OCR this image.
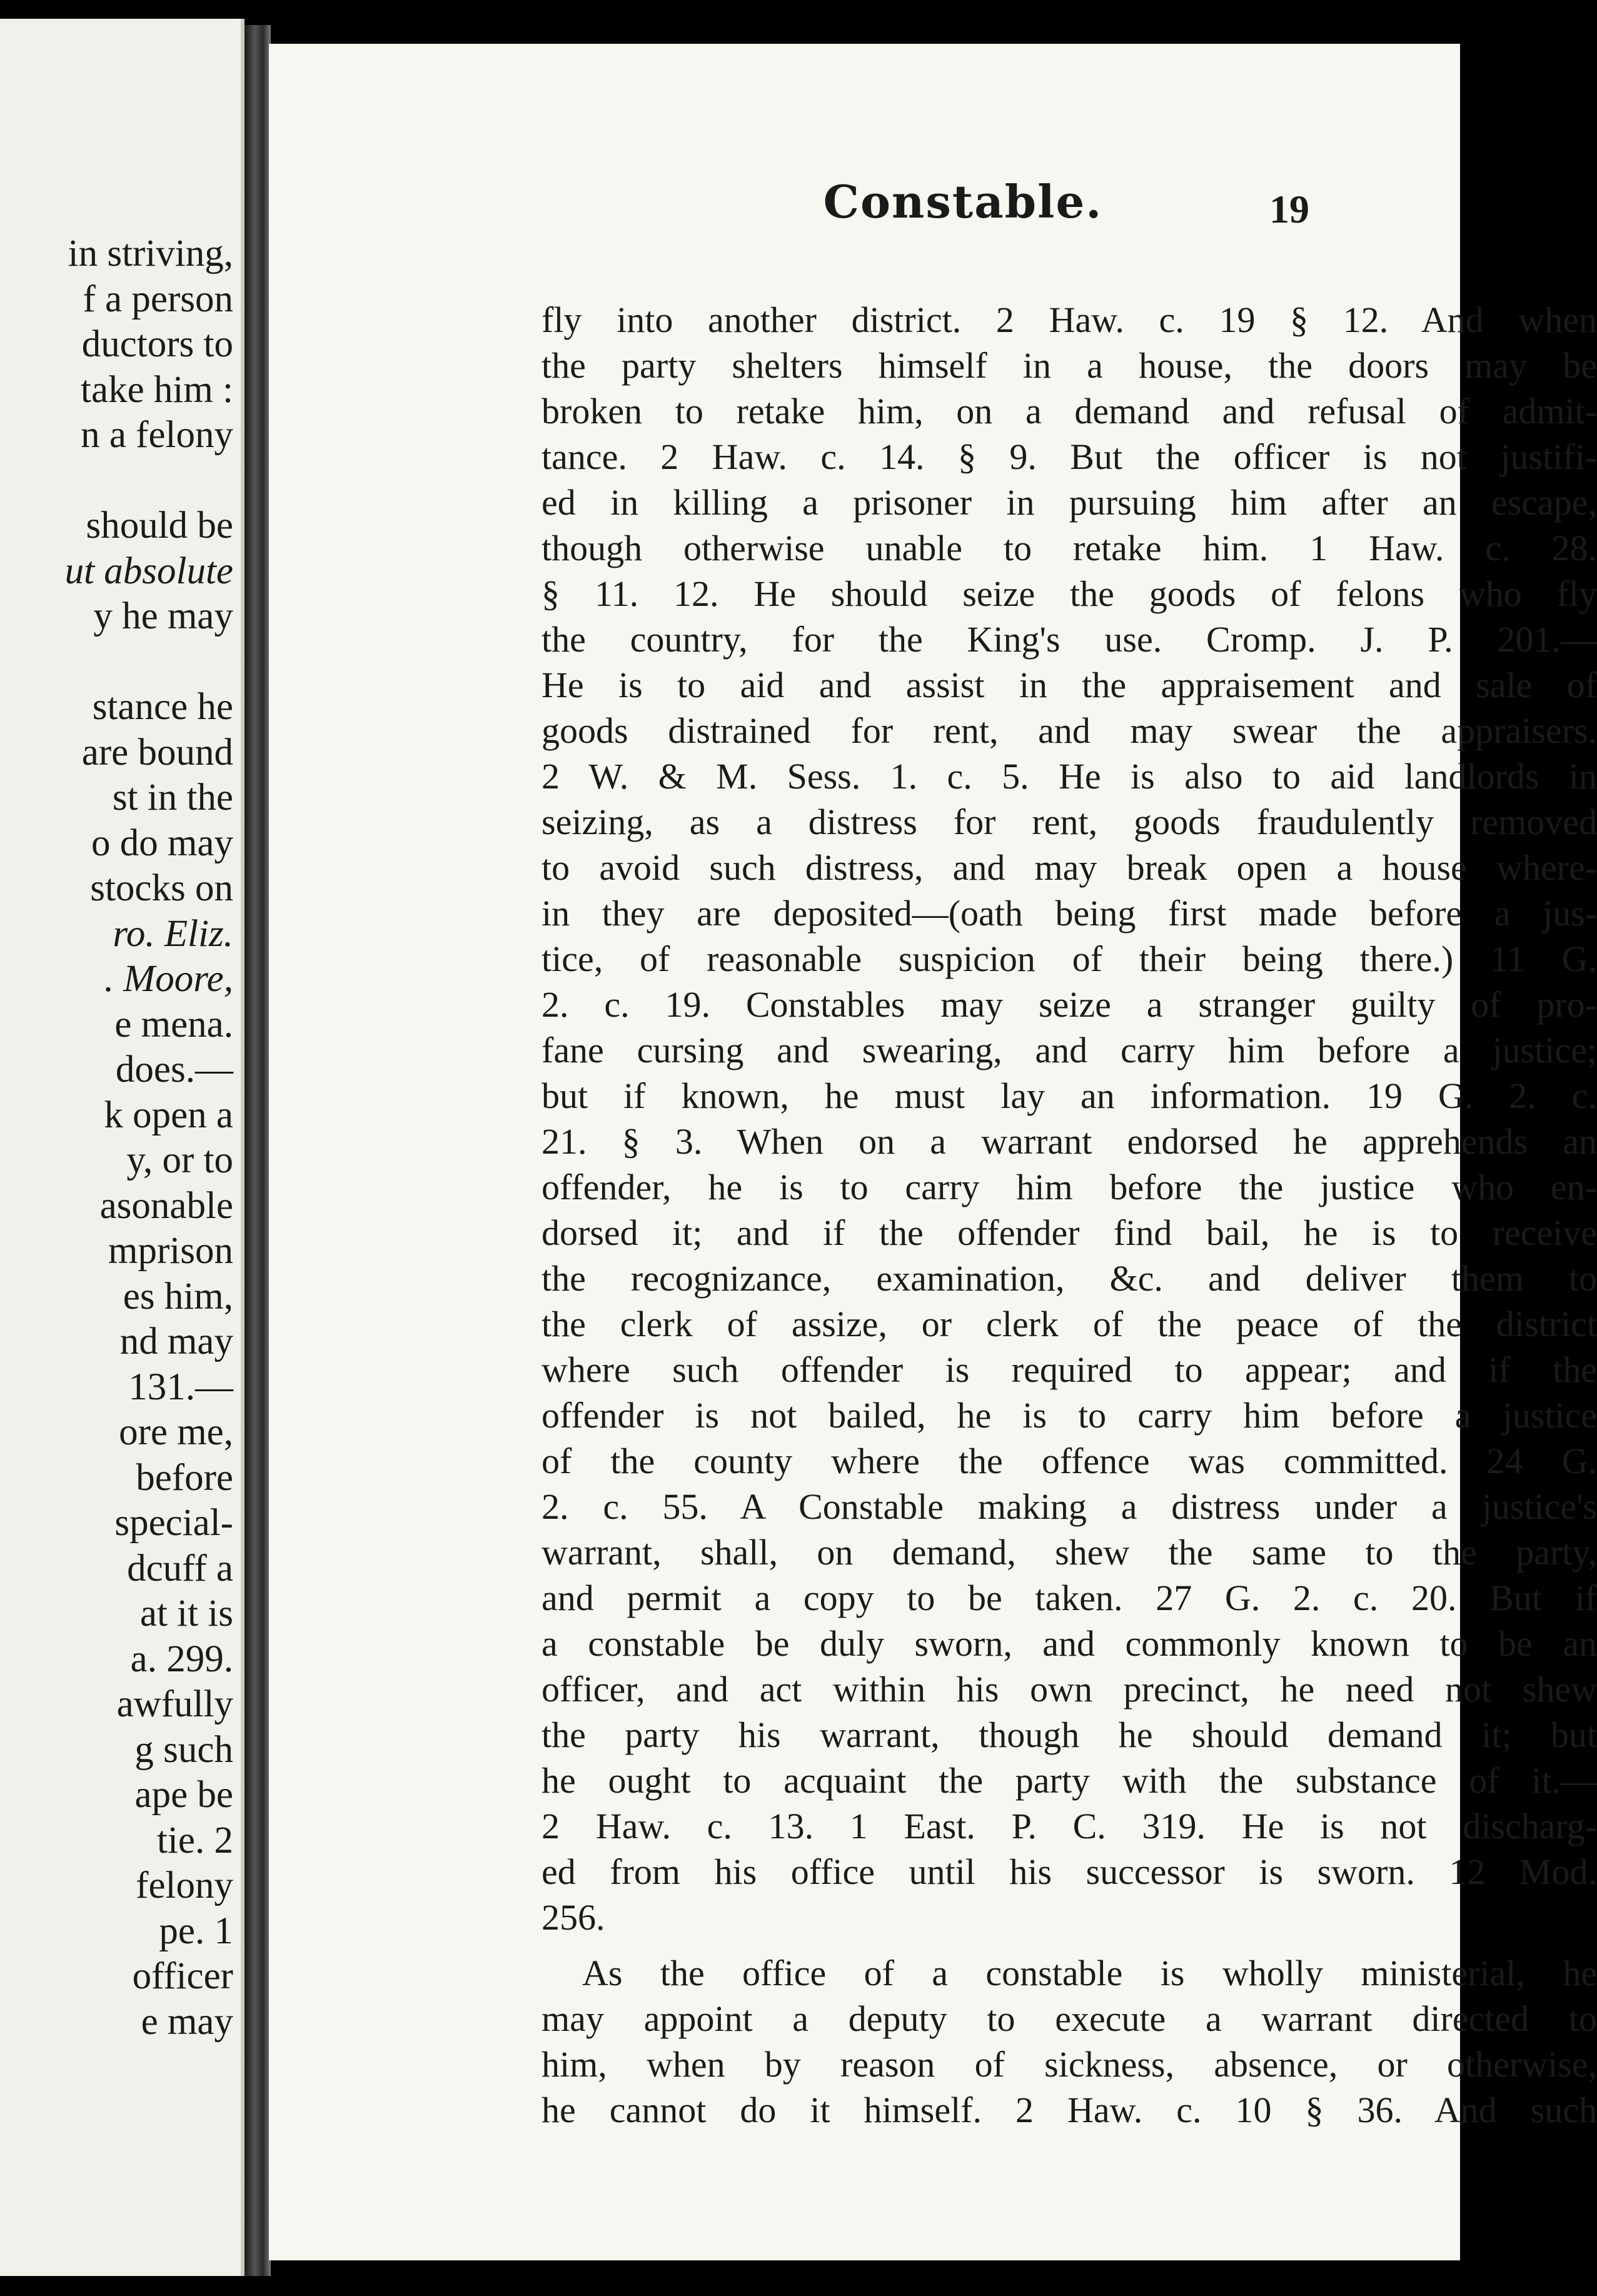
in striving,
f a person
ductors to
take him :
n a felony
should be
ut absolute
y he may
stance he
are bound
st in the
o do may
stocks on
ro. Eliz.
. Moore,
e mena.
does.—
k open a
y, or to
asonable
mprison
es him,
nd may
131.—
ore me,
before
special-
dcuff a
at it is
a. 299.
awfully
g such
ape be
tie. 2
felony
pe. 1
officer
e may
Constable.	19
fly into another district. 2 Haw. c. 19 § 12. And when
the party shelters himself in a house, the doors may be
broken to retake him, on a demand and refusal of admit-
tance. 2 Haw. c. 14. § 9. But the officer is not justifi-
ed in killing a prisoner in pursuing him after an escape,
though otherwise unable to retake him. 1 Haw. c. 28.
§ 11. 12. He should seize the goods of felons who fly
the country, for the King's use. Cromp. J. P. 201.—
He is to aid and assist in the appraisement and sale of
goods distrained for rent, and may swear the appraisers.
2 W. & M. Sess. 1. c. 5. He is also to aid landlords in
seizing, as a distress for rent, goods fraudulently removed
to avoid such distress, and may break open a house where-
in they are deposited—(oath being first made before a jus-
tice, of reasonable suspicion of their being there.) 11 G.
2. c. 19. Constables may seize a stranger guilty of pro-
fane cursing and swearing, and carry him before a justice;
but if known, he must lay an information. 19 G. 2. c.
21. § 3. When on a warrant endorsed he apprehends an
offender, he is to carry him before the justice who en-
dorsed it; and if the offender find bail, he is to receive
the recognizance, examination, &c. and deliver them to
the clerk of assize, or clerk of the peace of the district
where such offender is required to appear; and if the
offender is not bailed, he is to carry him before a justice
of the county where the offence was committed. 24 G.
2. c. 55. A Constable making a distress under a justice's
warrant, shall, on demand, shew the same to the party,
and permit a copy to be taken. 27 G. 2. c. 20. But if
a constable be duly sworn, and commonly known to be an
officer, and act within his own precinct, he need not shew
the party his warrant, though he should demand it; but
he ought to acquaint the party with the substance of it.—
2 Haw. c. 13. 1 East. P. C. 319. He is not discharg-
ed from his office until his successor is sworn. 12 Mod.
256.
As the office of a constable is wholly ministerial, he
may appoint a deputy to execute a warrant directed to
him, when by reason of sickness, absence, or otherwise,
he cannot do it himself. 2 Haw. c. 10 § 36. And such
